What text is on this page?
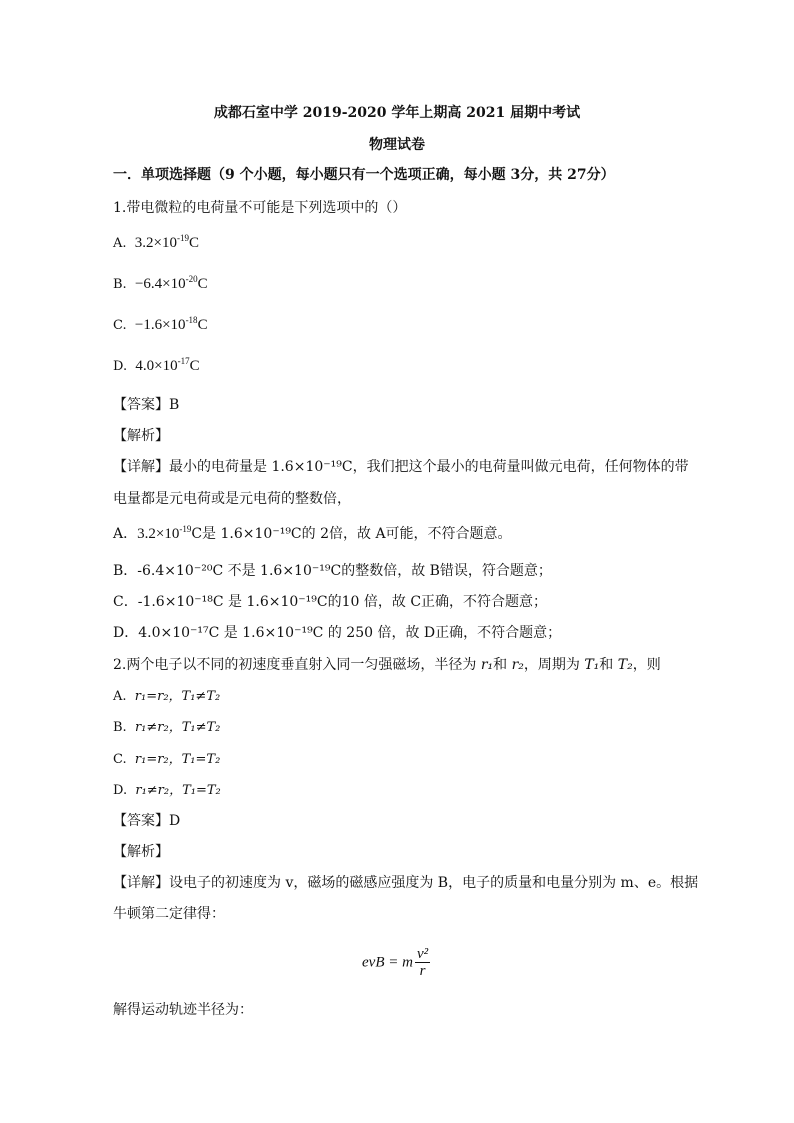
成都石室中学 2019-2020 学年上期高 2021 届期中考试
物理试卷
一．单项选择题（9 个小题，每小题只有一个选项正确，每小题 3分，共 27分）
1.带电微粒的电荷量不可能是下列选项中的（）
A. $3.2\times 10^{-19}C$
B. $-6.4\times 10^{-20}C$
C. $-1.6\times 10^{-18}C$
D. $4.0\times 10^{-17}C$
【答案】B
【解析】
【详解】最小的电荷量是 1.6×10⁻¹⁹C，我们把这个最小的电荷量叫做元电荷，任何物体的带
电量都是元电荷或是元电荷的整数倍，
A．$3.2\times 10^{-19}C$是 1.6×10⁻¹⁹C的 2倍，故 A可能，不符合题意。
B．-6.4×10⁻²⁰C 不是 1.6×10⁻¹⁹C的整数倍，故 B错误，符合题意；
C．-1.6×10⁻¹⁸C 是 1.6×10⁻¹⁹C的10 倍，故 C正确，不符合题意；
D．4.0×10⁻¹⁷C 是 1.6×10⁻¹⁹C 的 250 倍，故 D正确，不符合题意；
2.两个电子以不同的初速度垂直射入同一匀强磁场，半径为 r₁和 r₂，周期为 T₁和 T₂，则
A. r₁=r₂，T₁≠T₂
B. r₁≠r₂，T₁≠T₂
C. r₁=r₂，T₁=T₂
D. r₁≠r₂，T₁=T₂
【答案】D
【解析】
【详解】设电子的初速度为 v，磁场的磁感应强度为 B，电子的质量和电量分别为 m、e。根据
牛顿第二定律得：
evB = m $\frac{\text{v²}}{r}$
解得运动轨迹半径为：
